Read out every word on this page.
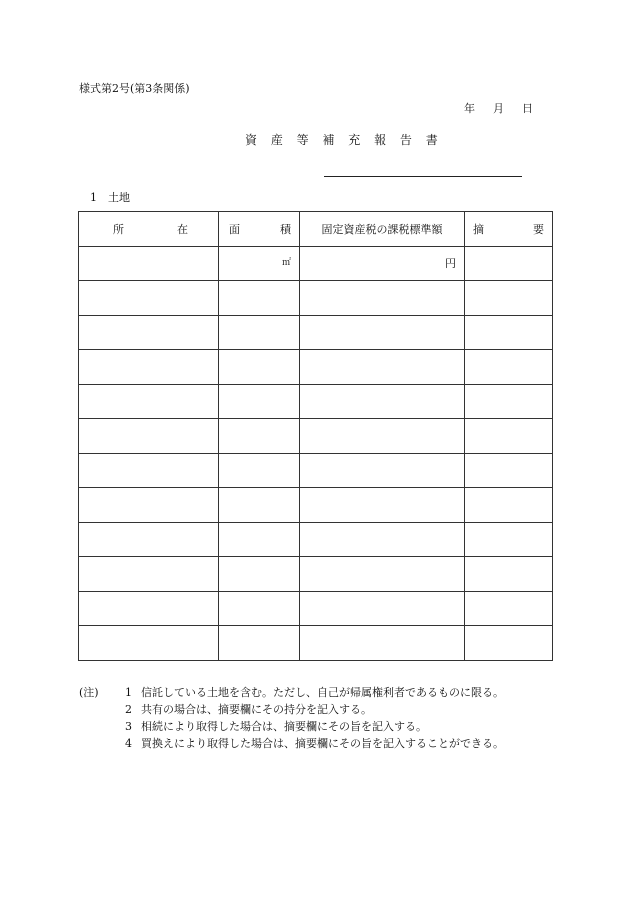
様式第2号(第3条関係)
年 月 日
資 産 等 補 充 報 告 書
1 土地
所 在	面 積	固定資産税の課税標準額	摘 要

	㎡	円	

(注)	1 信託している土地を含む。ただし、自己が帰属権利者であるものに限る。
2 共有の場合は、摘要欄にその持分を記入する。
3 相続により取得した場合は、摘要欄にその旨を記入する。
4 買換えにより取得した場合は、摘要欄にその旨を記入することができる。
